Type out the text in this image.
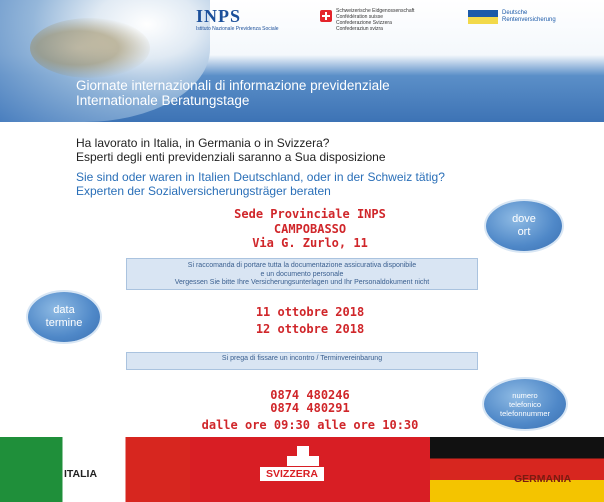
INPS
Istituto Nazionale Previdenza Sociale
Schweizerische Eidgenossenschaft
Confédération suisse
Confederazione Svizzera
Confederaziun svizra
Deutsche
Rentenversicherung
Giornate internazionali di informazione previdenziale
Internationale Beratungstage
Ha lavorato in Italia, in Germania o in Svizzera?
Esperti degli enti previdenziali saranno a Sua disposizione
Sie sind oder waren in Italien Deutschland, oder in der Schweiz tätig?
Experten der Sozialversicherungsträger beraten
Sede Provinciale INPS
CAMPOBASSO
Via G. Zurlo, 11
dove
ort
Si raccomanda di portare tutta la documentazione assicurativa disponibile
e un documento personale
Vergessen Sie bitte Ihre Versicherungsunterlagen und Ihr Personaldokument nicht
data
termine
11 ottobre 2018
12 ottobre 2018
Si prega di fissare un incontro / Terminvereinbarung
numero
telefonico
telefonnummer
0874 480246
0874 480291
dalle ore 09:30 alle ore 10:30
ITALIA	SVIZZERA	GERMANIA
